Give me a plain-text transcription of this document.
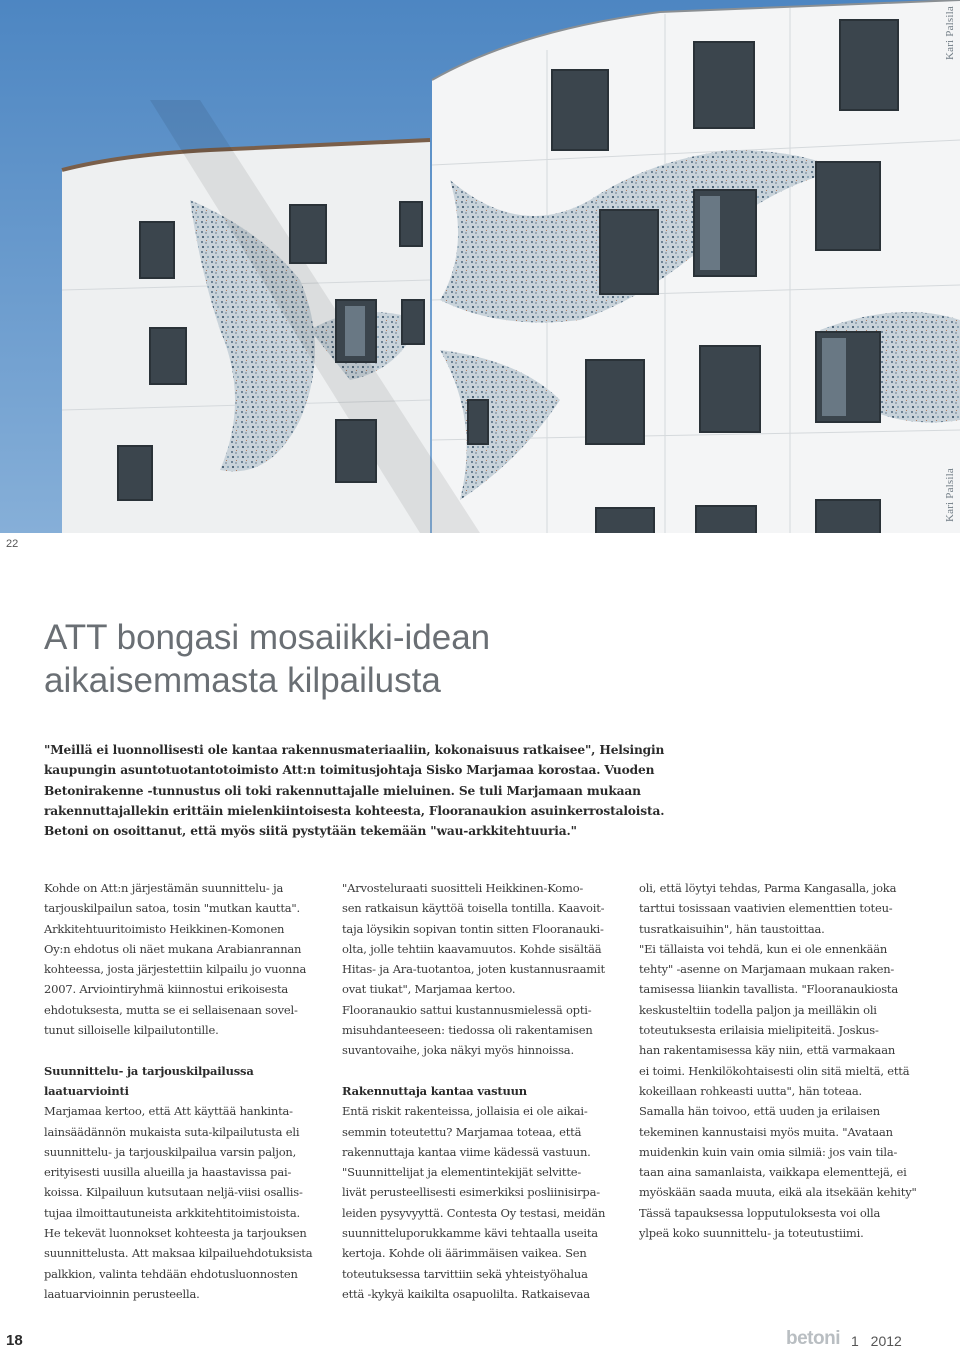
Kari Palsila
Kari Palsila
22
ATT bongasi mosaiikki-idean
aikaisemmasta kilpailusta
"Meillä ei luonnollisesti ole kantaa rakennusmateriaaliin, kokonaisuus ratkaisee", Helsingin
kaupungin asuntotuotantotoimisto Att:n toimitusjohtaja Sisko Marjamaa korostaa. Vuoden
Betonirakenne -tunnustus oli toki rakennuttajalle mieluinen. Se tuli Marjamaan mukaan
rakennuttajallekin erittäin mielenkiintoisesta kohteesta, Flooranaukion asuinkerrostaloista.
Betoni on osoittanut, että myös siitä pystytään tekemään "wau-arkkitehtuuria."
Kohde on Att:n järjestämän suunnittelu- ja
tarjouskilpailun satoa, tosin "mutkan kautta".
Arkkitehtuuritoimisto Heikkinen-Komonen
Oy:n ehdotus oli näet mukana Arabianrannan
kohteessa, josta järjestettiin kilpailu jo vuonna
2007. Arviointiryhmä kiinnostui erikoisesta
ehdotuksesta, mutta se ei sellaisenaan sovel-
tunut silloiselle kilpailutontille.
Suunnittelu- ja tarjouskilpailussa
laatuarviointi
Marjamaa kertoo, että Att käyttää hankinta-
lainsäädännön mukaista suta-kilpailutusta eli
suunnittelu- ja tarjouskilpailua varsin paljon,
erityisesti uusilla alueilla ja haastavissa pai-
koissa. Kilpailuun kutsutaan neljä-viisi osallis-
tujaa ilmoittautuneista arkkitehtitoimistoista.
He tekevät luonnokset kohteesta ja tarjouksen
suunnittelusta. Att maksaa kilpailuehdotuksista
palkkion, valinta tehdään ehdotusluonnosten
laatuarvioinnin perusteella.
"Arvosteluraati suositteli Heikkinen-Komo-
sen ratkaisun käyttöä toisella tontilla. Kaavoit-
taja löysikin sopivan tontin sitten Flooranauki-
olta, jolle tehtiin kaavamuutos. Kohde sisältää
Hitas- ja Ara-tuotantoa, joten kustannusraamit
ovat tiukat", Marjamaa kertoo.
Flooranaukio sattui kustannusmielessä opti-
misuhdanteeseen: tiedossa oli rakentamisen
suvantovaihe, joka näkyi myös hinnoissa.
Rakennuttaja kantaa vastuun
Entä riskit rakenteissa, jollaisia ei ole aikai-
semmin toteutettu? Marjamaa toteaa, että
rakennuttaja kantaa viime kädessä vastuun.
"Suunnittelijat ja elementintekijät selvitte-
livät perusteellisesti esimerkiksi posliinisirpa-
leiden pysyvyyttä. Contesta Oy testasi, meidän
suunnitteluporukkamme kävi tehtaalla useita
kertoja. Kohde oli äärimmäisen vaikea. Sen
toteutuksessa tarvittiin sekä yhteistyöhalua
että -kykyä kaikilta osapuolilta. Ratkaisevaa
oli, että löytyi tehdas, Parma Kangasalla, joka
tarttui tosissaan vaativien elementtien toteu-
tusratkaisuihin", hän taustoittaa.
"Ei tällaista voi tehdä, kun ei ole ennenkään
tehty" -asenne on Marjamaan mukaan raken-
tamisessa liiankin tavallista. "Flooranaukiosta
keskusteltiin todella paljon ja meilläkin oli
toteutuksesta erilaisia mielipiteitä. Joskus-
han rakentamisessa käy niin, että varmakaan
ei toimi. Henkilökohtaisesti olin sitä mieltä, että
kokeillaan rohkeasti uutta", hän toteaa.
Samalla hän toivoo, että uuden ja erilaisen
tekeminen kannustaisi myös muita. "Avataan
muidenkin kuin vain omia silmiä: jos vain tila-
taan aina samanlaista, vaikkapa elementtejä, ei
myöskään saada muuta, eikä ala itsekään kehity"
Tässä tapauksessa lopputuloksesta voi olla
ylpeä koko suunnittelu- ja toteutustiimi.
18	betoni 1 2012
